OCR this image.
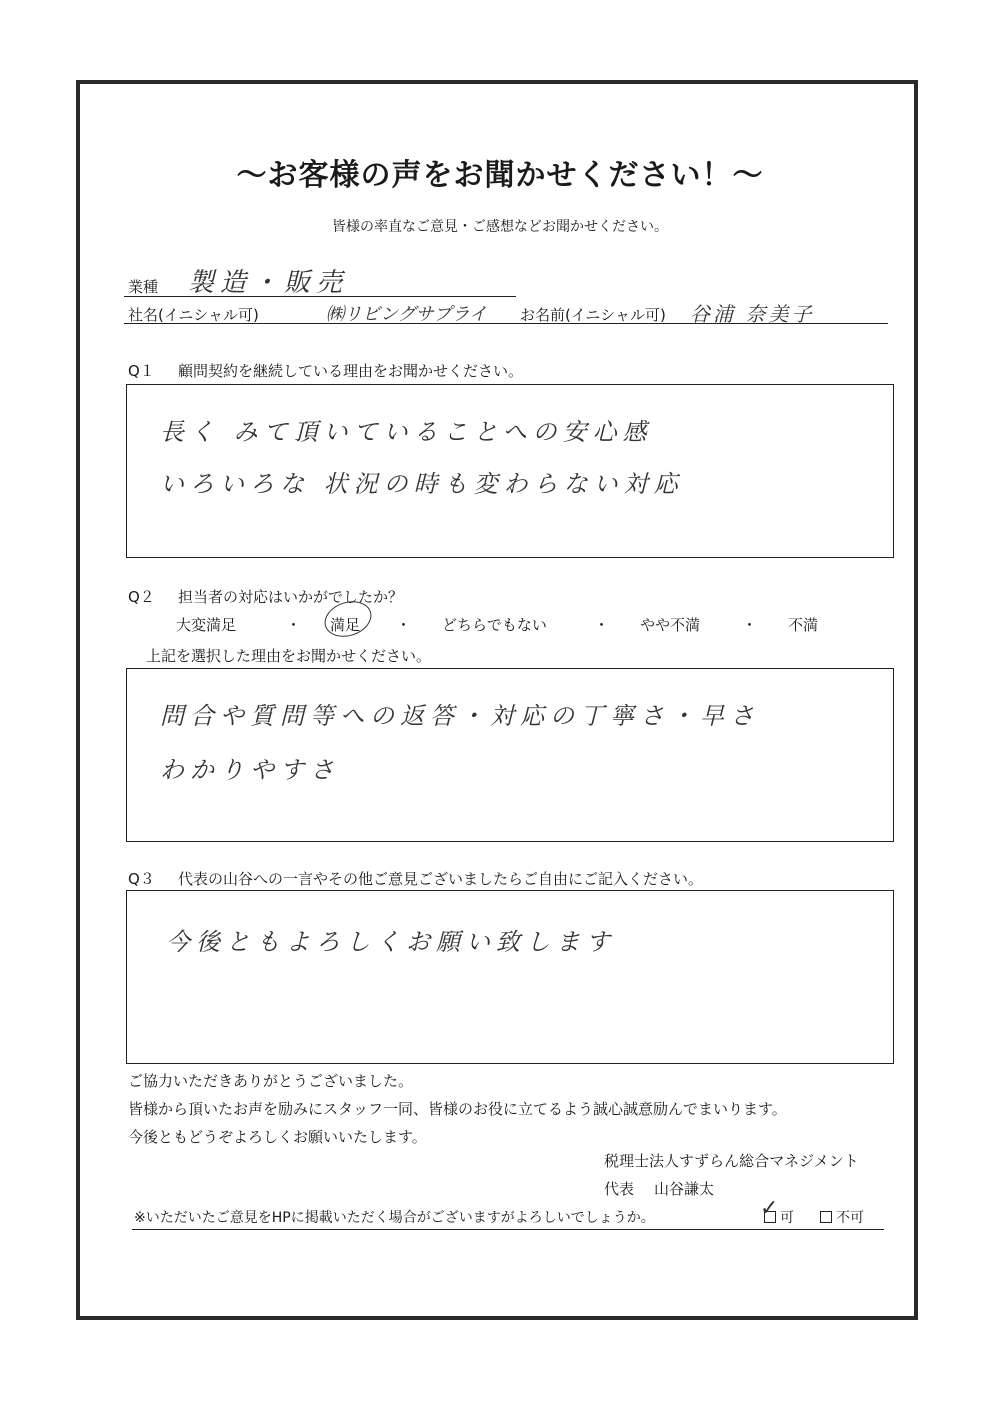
～お客様の声をお聞かせください！～
皆様の率直なご意見・ご感想などお聞かせください。
業種 製造・販売
社名(イニシャル可)	㈱リビングサプライ お名前(イニシャル可) 谷浦 奈美子
Q１ 顧問契約を継続している理由をお聞かせください。
長く みて頂いていることへの安心感
いろいろな 状況の時も変わらない対応
Q２ 担当者の対応はいかがでしたか？
大変満足	・ 満足 ・ どちらでもない	・ やや不満	・ 不満
上記を選択した理由をお聞かせください。
問合や質問等への返答・対応の丁寧さ・早さ
わかりやすさ
Q３ 代表の山谷への一言やその他ご意見ございましたらご自由にご記入ください。
今後ともよろしくお願い致します
ご協力いただきありがとうございました。
皆様から頂いたお声を励みにスタッフ一同、皆様のお役に立てるよう誠心誠意励んでまいります。
今後ともどうぞよろしくお願いいたします。
税理士法人すずらん総合マネジメント
代表 山谷謙太
※いただいたご意見をHPに掲載いただく場合がございますがよろしいでしょうか。	✓ 可	不可
